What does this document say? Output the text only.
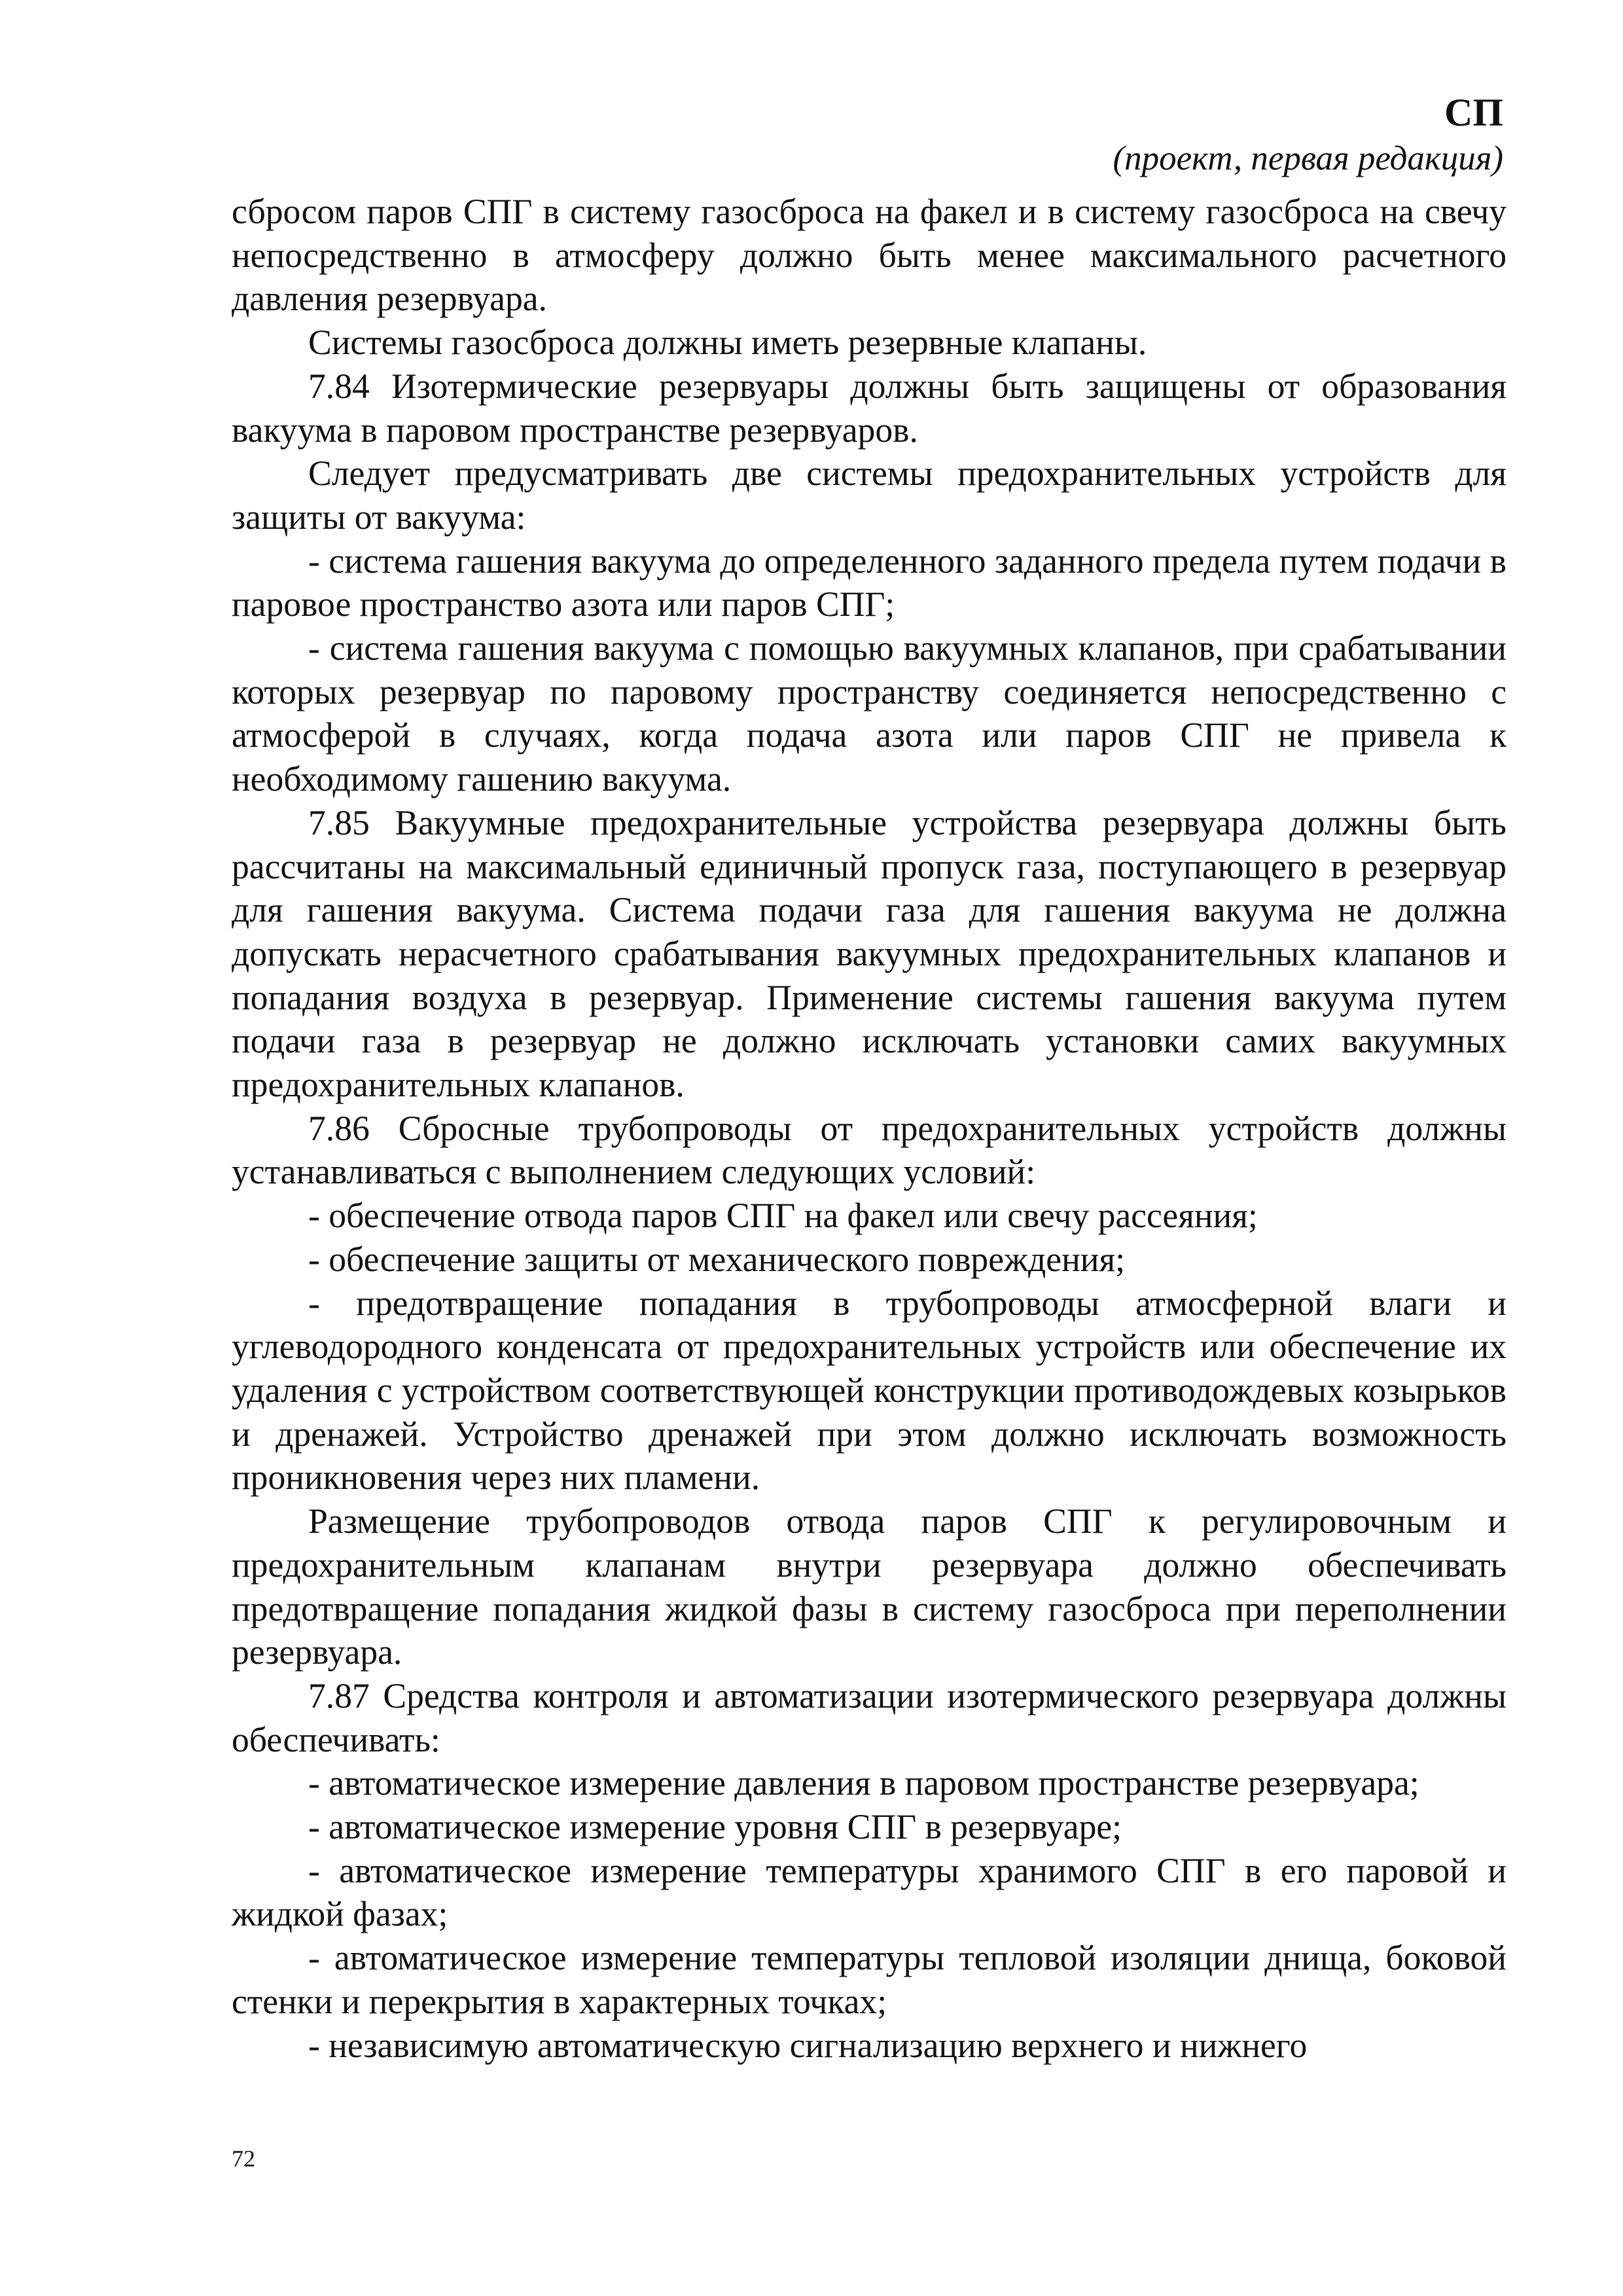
СП
(проект, первая редакция)

сбросом паров СПГ в систему газосброса на факел и в систему газосброса на свечу непосредственно в атмосферу должно быть менее максимального расчетного давления резервуара.

Системы газосброса должны иметь резервные клапаны.

7.84 Изотермические резервуары должны быть защищены от образования вакуума в паровом пространстве резервуаров.

Следует предусматривать две системы предохранительных устройств для защиты от вакуума:

- система гашения вакуума до определенного заданного предела путем подачи в паровое пространство азота или паров СПГ;

- система гашения вакуума с помощью вакуумных клапанов, при срабатывании которых резервуар по паровому пространству соединяется непосредственно с атмосферой в случаях, когда подача азота или паров СПГ не привела к необходимому гашению вакуума.

7.85 Вакуумные предохранительные устройства резервуара должны быть рассчитаны на максимальный единичный пропуск газа, поступающего в резервуар для гашения вакуума. Система подачи газа для гашения вакуума не должна допускать нерасчетного срабатывания вакуумных предохранительных клапанов и попадания воздуха в резервуар. Применение системы гашения вакуума путем подачи газа в резервуар не должно исключать установки самих вакуумных предохранительных клапанов.

7.86 Сбросные трубопроводы от предохранительных устройств должны устанавливаться с выполнением следующих условий:

- обеспечение отвода паров СПГ на факел или свечу рассеяния;

- обеспечение защиты от механического повреждения;

- предотвращение попадания в трубопроводы атмосферной влаги и углеводородного конденсата от предохранительных устройств или обеспечение их удаления с устройством соответствующей конструкции противодождевых козырьков и дренажей. Устройство дренажей при этом должно исключать возможность проникновения через них пламени.

Размещение трубопроводов отвода паров СПГ к регулировочным и предохранительным клапанам внутри резервуара должно обеспечивать предотвращение попадания жидкой фазы в систему газосброса при переполнении резервуара.

7.87 Средства контроля и автоматизации изотермического резервуара должны обеспечивать:

- автоматическое измерение давления в паровом пространстве резервуара;

- автоматическое измерение уровня СПГ в резервуаре;

- автоматическое измерение температуры хранимого СПГ в его паровой и жидкой фазах;

- автоматическое измерение температуры тепловой изоляции днища, боковой стенки и перекрытия в характерных точках;

- независимую автоматическую сигнализацию верхнего и нижнего

72
